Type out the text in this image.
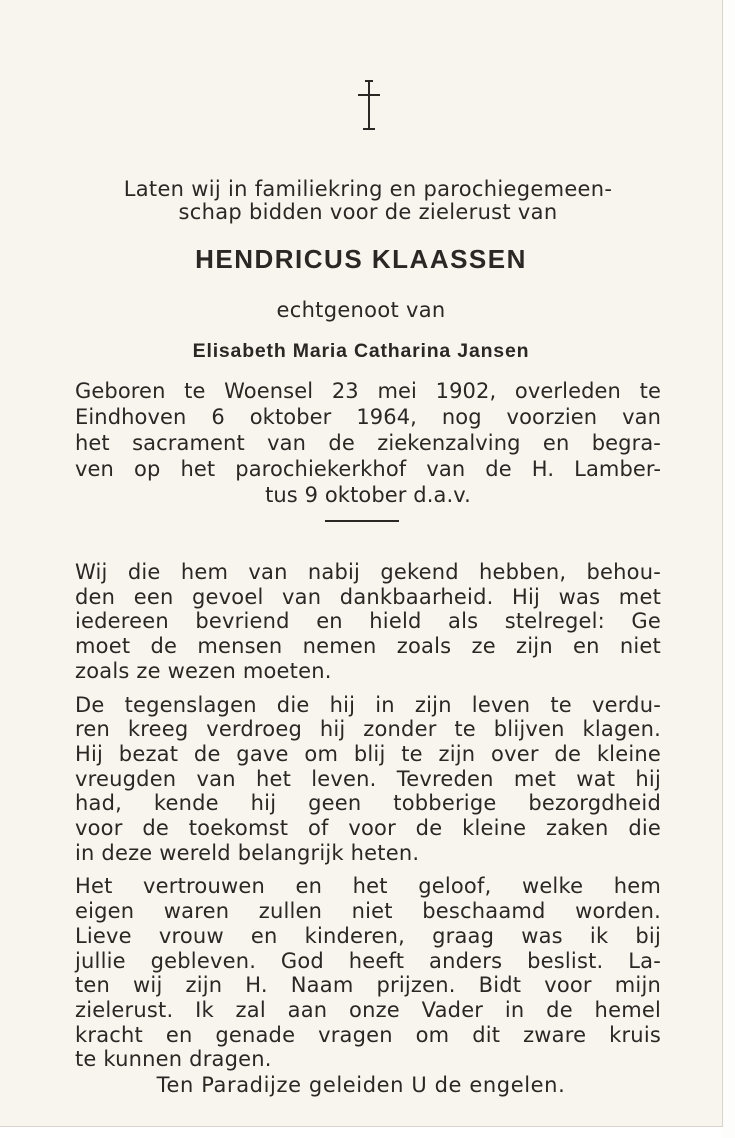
Laten wij in familiekring en parochiegemeen-
schap bidden voor de zielerust van
HENDRICUS KLAASSEN
echtgenoot van
Elisabeth Maria Catharina Jansen
Geboren te Woensel 23 mei 1902, overleden te
Eindhoven 6 oktober 1964, nog voorzien van
het sacrament van de ziekenzalving en begra-
ven op het parochiekerkhof van de H. Lamber-
tus 9 oktober d.a.v.
Wij die hem van nabij gekend hebben, behou-
den een gevoel van dankbaarheid. Hij was met
iedereen bevriend en hield als stelregel: Ge
moet de mensen nemen zoals ze zijn en niet
zoals ze wezen moeten.
De tegenslagen die hij in zijn leven te verdu-
ren kreeg verdroeg hij zonder te blijven klagen.
Hij bezat de gave om blij te zijn over de kleine
vreugden van het leven. Tevreden met wat hij
had, kende hij geen tobberige bezorgdheid
voor de toekomst of voor de kleine zaken die
in deze wereld belangrijk heten.
Het vertrouwen en het geloof, welke hem
eigen waren zullen niet beschaamd worden.
Lieve vrouw en kinderen, graag was ik bij
jullie gebleven. God heeft anders beslist. La-
ten wij zijn H. Naam prijzen. Bidt voor mijn
zielerust. Ik zal aan onze Vader in de hemel
kracht en genade vragen om dit zware kruis
te kunnen dragen.
Ten Paradijze geleiden U de engelen.
